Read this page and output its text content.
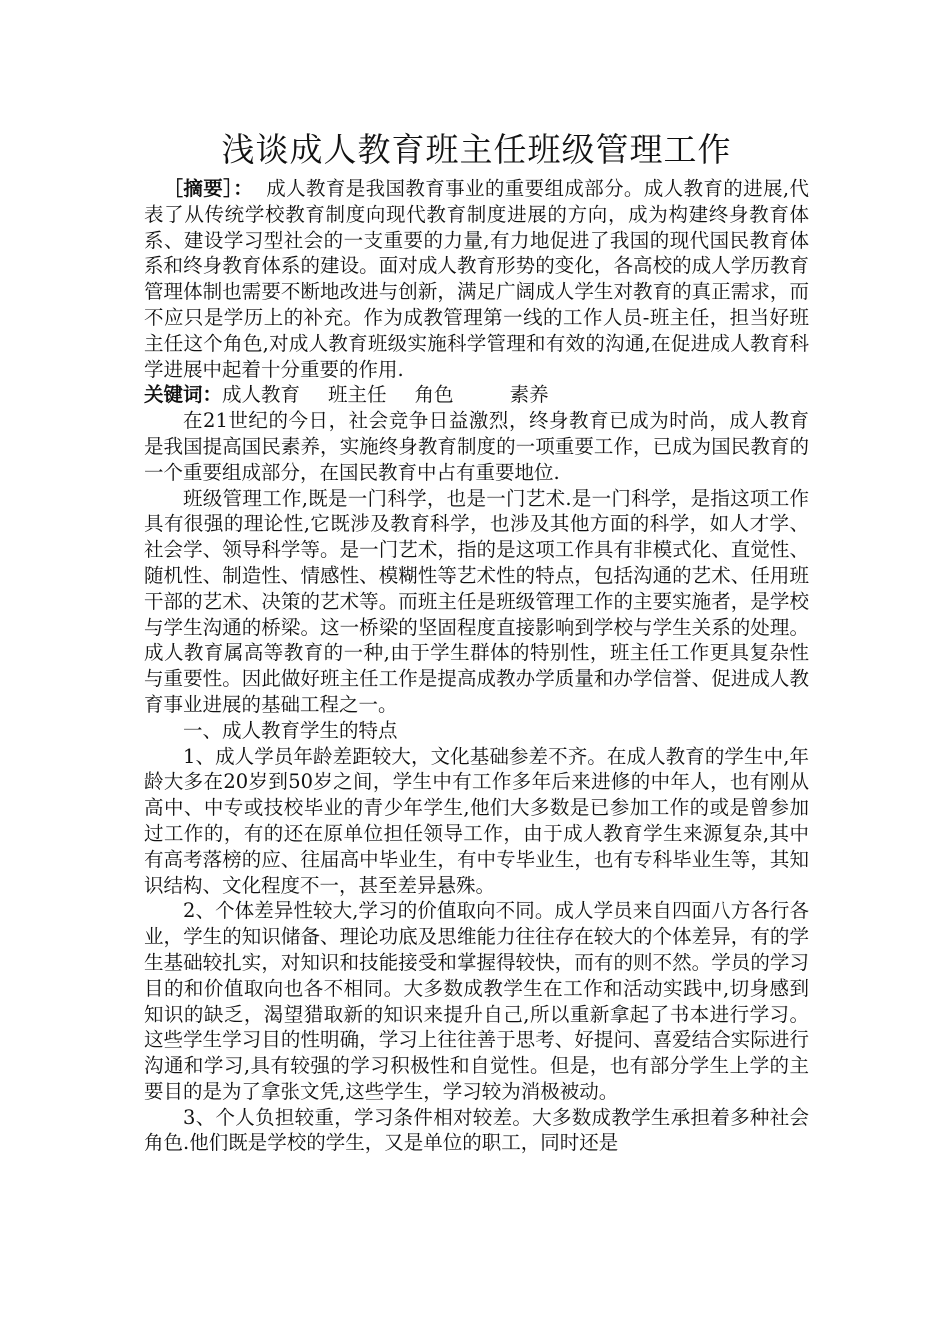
浅谈成人教育班主任班级管理工作

［摘要］： 成人教育是我国教育事业的重要组成部分。成人教育的进展,代表了从传统学校教育制度向现代教育制度进展的方向，成为构建终身教育体系、建设学习型社会的一支重要的力量,有力地促进了我国的现代国民教育体系和终身教育体系的建设。面对成人教育形势的变化，各高校的成人学历教育管理体制也需要不断地改进与创新，满足广阔成人学生对教育的真正需求，而不应只是学历上的补充。作为成教管理第一线的工作人员-班主任，担当好班主任这个角色,对成人教育班级实施科学管理和有效的沟通,在促进成人教育科学进展中起着十分重要的作用.

关键词：成人教育 班主任 角色	素养

在21世纪的今日，社会竞争日益激烈，终身教育已成为时尚，成人教育是我国提高国民素养，实施终身教育制度的一项重要工作，已成为国民教育的一个重要组成部分，在国民教育中占有重要地位.

班级管理工作,既是一门科学，也是一门艺术.是一门科学，是指这项工作具有很强的理论性,它既涉及教育科学，也涉及其他方面的科学，如人才学、社会学、领导科学等。是一门艺术，指的是这项工作具有非模式化、直觉性、随机性、制造性、情感性、模糊性等艺术性的特点，包括沟通的艺术、任用班干部的艺术、决策的艺术等。而班主任是班级管理工作的主要实施者，是学校与学生沟通的桥梁。这一桥梁的坚固程度直接影响到学校与学生关系的处理。成人教育属高等教育的一种,由于学生群体的特别性，班主任工作更具复杂性与重要性。因此做好班主任工作是提高成教办学质量和办学信誉、促进成人教育事业进展的基础工程之一。

一、成人教育学生的特点

1、成人学员年龄差距较大，文化基础参差不齐。在成人教育的学生中,年龄大多在20岁到50岁之间，学生中有工作多年后来进修的中年人，也有刚从高中、中专或技校毕业的青少年学生,他们大多数是已参加工作的或是曾参加过工作的，有的还在原单位担任领导工作，由于成人教育学生来源复杂,其中有高考落榜的应、往届高中毕业生，有中专毕业生，也有专科毕业生等，其知识结构、文化程度不一，甚至差异悬殊。

2、个体差异性较大,学习的价值取向不同。成人学员来自四面八方各行各业，学生的知识储备、理论功底及思维能力往往存在较大的个体差异，有的学生基础较扎实，对知识和技能接受和掌握得较快，而有的则不然。学员的学习目的和价值取向也各不相同。大多数成教学生在工作和活动实践中,切身感到知识的缺乏，渴望猎取新的知识来提升自己,所以重新拿起了书本进行学习。这些学生学习目的性明确，学习上往往善于思考、好提问、喜爱结合实际进行沟通和学习,具有较强的学习积极性和自觉性。但是，也有部分学生上学的主要目的是为了拿张文凭,这些学生，学习较为消极被动。

3、个人负担较重，学习条件相对较差。大多数成教学生承担着多种社会角色.他们既是学校的学生，又是单位的职工，同时还是
